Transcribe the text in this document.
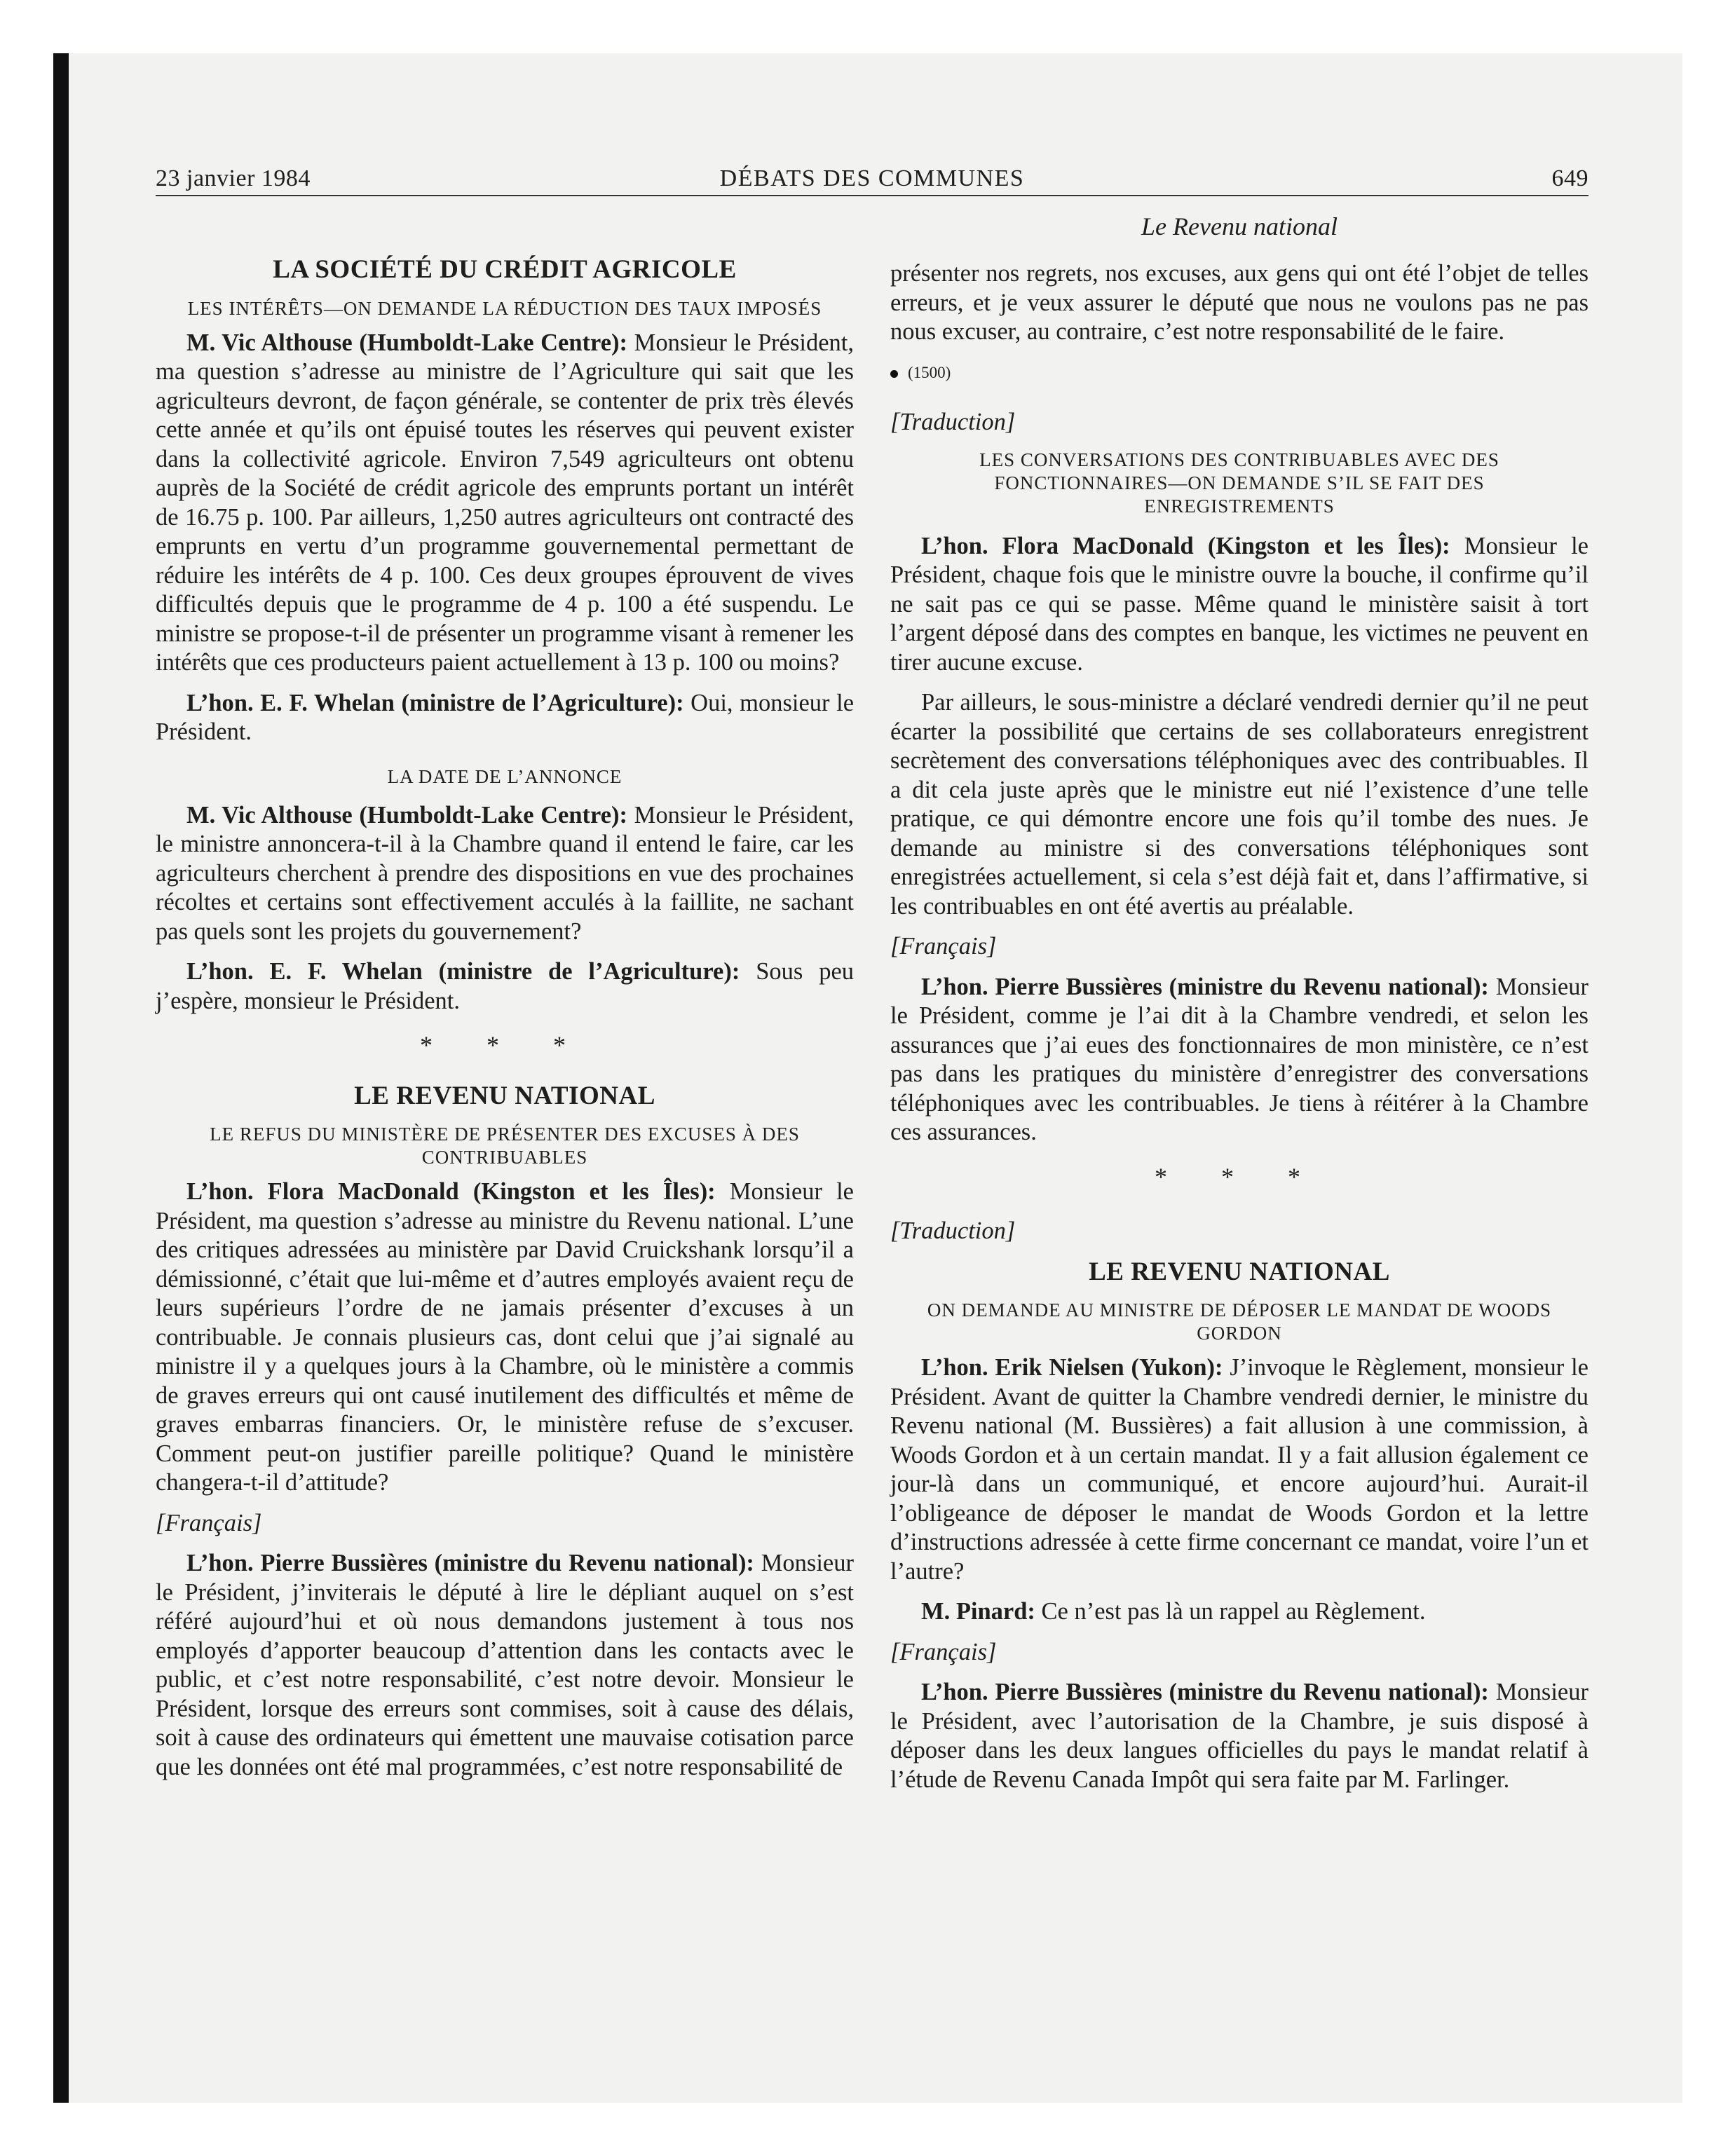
23 janvier 1984	DÉBATS DES COMMUNES	649
Le Revenu national
LA SOCIÉTÉ DU CRÉDIT AGRICOLE
LES INTÉRÊTS—ON DEMANDE LA RÉDUCTION DES TAUX IMPOSÉS

M. Vic Althouse (Humboldt-Lake Centre): Monsieur le Président, ma question s’adresse au ministre de l’Agriculture qui sait que les agriculteurs devront, de façon générale, se contenter de prix très élevés cette année et qu’ils ont épuisé toutes les réserves qui peuvent exister dans la collectivité agricole. Environ 7,549 agriculteurs ont obtenu auprès de la Société de crédit agricole des emprunts portant un intérêt de 16.75 p. 100. Par ailleurs, 1,250 autres agriculteurs ont contracté des emprunts en vertu d’un programme gouvernemental permettant de réduire les intérêts de 4 p. 100. Ces deux groupes éprouvent de vives difficultés depuis que le programme de 4 p. 100 a été suspendu. Le ministre se propose-t-il de présenter un programme visant à remener les intérêts que ces producteurs paient actuellement à 13 p. 100 ou moins?

L’hon. E. F. Whelan (ministre de l’Agriculture): Oui, monsieur le Président.

LA DATE DE L’ANNONCE

M. Vic Althouse (Humboldt-Lake Centre): Monsieur le Président, le ministre annoncera-t-il à la Chambre quand il entend le faire, car les agriculteurs cherchent à prendre des dispositions en vue des prochaines récoltes et certains sont effectivement acculés à la faillite, ne sachant pas quels sont les projets du gouvernement?

L’hon. E. F. Whelan (ministre de l’Agriculture): Sous peu j’espère, monsieur le Président.

* * *
LE REVENU NATIONAL
LE REFUS DU MINISTÈRE DE PRÉSENTER DES EXCUSES À DES CONTRIBUABLES

L’hon. Flora MacDonald (Kingston et les Îles): Monsieur le Président, ma question s’adresse au ministre du Revenu national. L’une des critiques adressées au ministère par David Cruickshank lorsqu’il a démissionné, c’était que lui-même et d’autres employés avaient reçu de leurs supérieurs l’ordre de ne jamais présenter d’excuses à un contribuable. Je connais plusieurs cas, dont celui que j’ai signalé au ministre il y a quelques jours à la Chambre, où le ministère a commis de graves erreurs qui ont causé inutilement des difficultés et même de graves embarras financiers. Or, le ministère refuse de s’excuser. Comment peut-on justifier pareille politique? Quand le ministère changera-t-il d’attitude?

[Français]

L’hon. Pierre Bussières (ministre du Revenu national): Monsieur le Président, j’inviterais le député à lire le dépliant auquel on s’est référé aujourd’hui et où nous demandons justement à tous nos employés d’apporter beaucoup d’attention dans les contacts avec le public, et c’est notre responsabilité, c’est notre devoir. Monsieur le Président, lorsque des erreurs sont commises, soit à cause des délais, soit à cause des ordinateurs qui émettent une mauvaise cotisation parce que les données ont été mal programmées, c’est notre responsabilité de

présenter nos regrets, nos excuses, aux gens qui ont été l’objet de telles erreurs, et je veux assurer le député que nous ne voulons pas ne pas nous excuser, au contraire, c’est notre responsabilité de le faire.

(1500)

[Traduction]

LES CONVERSATIONS DES CONTRIBUABLES AVEC DES FONCTIONNAIRES—ON DEMANDE S’IL SE FAIT DES ENREGISTREMENTS

L’hon. Flora MacDonald (Kingston et les Îles): Monsieur le Président, chaque fois que le ministre ouvre la bouche, il confirme qu’il ne sait pas ce qui se passe. Même quand le ministère saisit à tort l’argent déposé dans des comptes en banque, les victimes ne peuvent en tirer aucune excuse.

Par ailleurs, le sous-ministre a déclaré vendredi dernier qu’il ne peut écarter la possibilité que certains de ses collaborateurs enregistrent secrètement des conversations téléphoniques avec des contribuables. Il a dit cela juste après que le ministre eut nié l’existence d’une telle pratique, ce qui démontre encore une fois qu’il tombe des nues. Je demande au ministre si des conversations téléphoniques sont enregistrées actuellement, si cela s’est déjà fait et, dans l’affirmative, si les contribuables en ont été avertis au préalable.

[Français]

L’hon. Pierre Bussières (ministre du Revenu national): Monsieur le Président, comme je l’ai dit à la Chambre vendredi, et selon les assurances que j’ai eues des fonctionnaires de mon ministère, ce n’est pas dans les pratiques du ministère d’enregistrer des conversations téléphoniques avec les contribuables. Je tiens à réitérer à la Chambre ces assurances.

* * *

[Traduction]

LE REVENU NATIONAL
ON DEMANDE AU MINISTRE DE DÉPOSER LE MANDAT DE WOODS GORDON

L’hon. Erik Nielsen (Yukon): J’invoque le Règlement, monsieur le Président. Avant de quitter la Chambre vendredi dernier, le ministre du Revenu national (M. Bussières) a fait allusion à une commission, à Woods Gordon et à un certain mandat. Il y a fait allusion également ce jour-là dans un communiqué, et encore aujourd’hui. Aurait-il l’obligeance de déposer le mandat de Woods Gordon et la lettre d’instructions adressée à cette firme concernant ce mandat, voire l’un et l’autre?

M. Pinard: Ce n’est pas là un rappel au Règlement.

[Français]

L’hon. Pierre Bussières (ministre du Revenu national): Monsieur le Président, avec l’autorisation de la Chambre, je suis disposé à déposer dans les deux langues officielles du pays le mandat relatif à l’étude de Revenu Canada Impôt qui sera faite par M. Farlinger.
